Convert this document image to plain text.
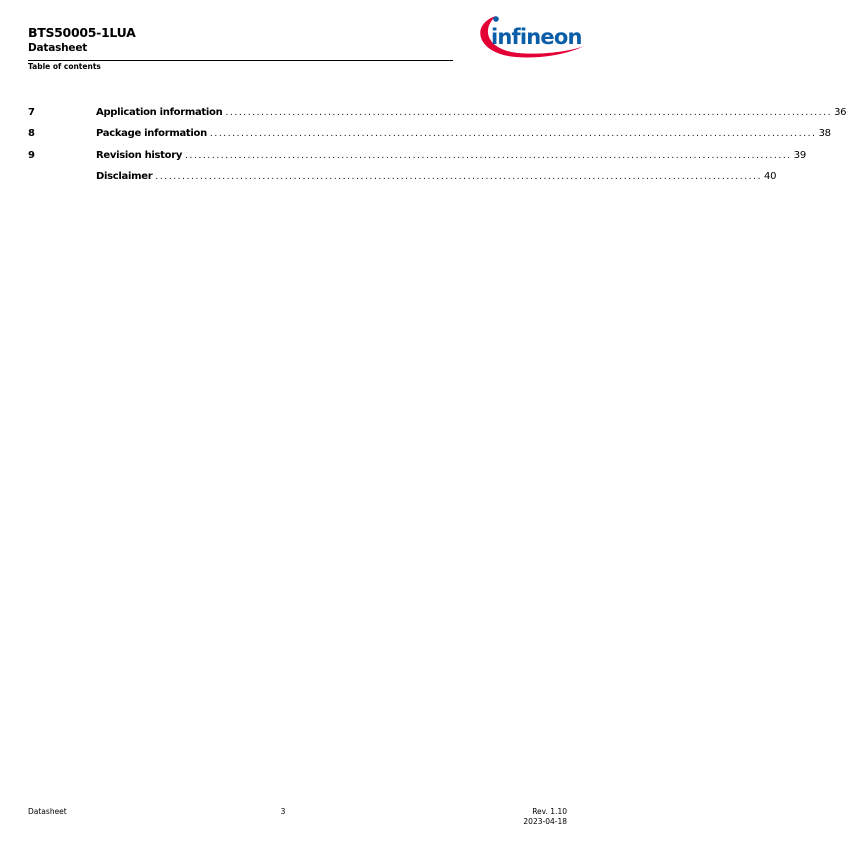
BTS50005-1LUA
Datasheet
Table of contents
infineon
7	Application information ........................................................................................................................................ 36
8	Package information ........................................................................................................................................ 38
9	Revision history ........................................................................................................................................ 39
Disclaimer ........................................................................................................................................ 40
Datasheet	3	Rev. 1.10
2023-04-18
